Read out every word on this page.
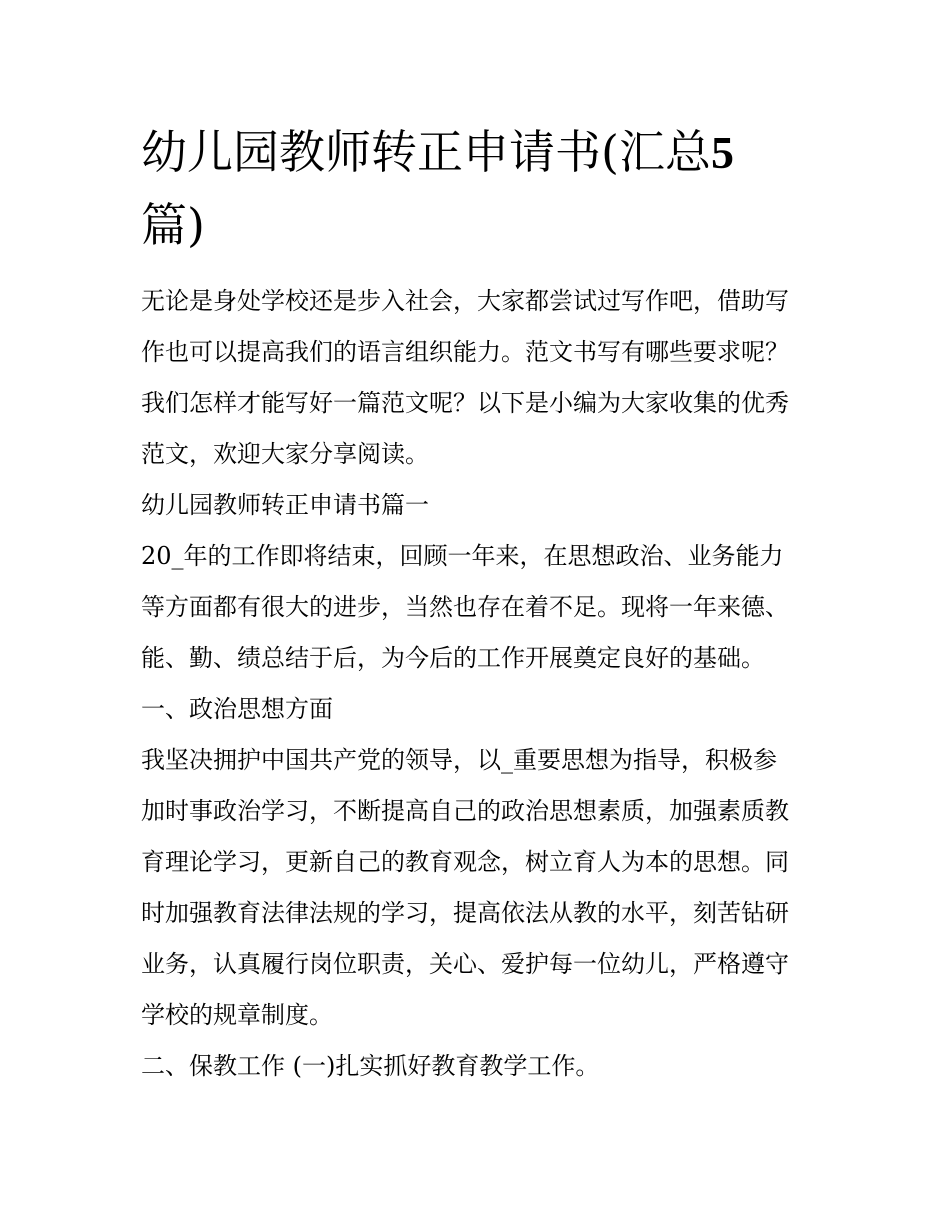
幼儿园教师转正申请书(汇总5
篇)

无论是身处学校还是步入社会，大家都尝试过写作吧，借助写

作也可以提高我们的语言组织能力。范文书写有哪些要求呢？

我们怎样才能写好一篇范文呢？以下是小编为大家收集的优秀

范文，欢迎大家分享阅读。

幼儿园教师转正申请书篇一

20_年的工作即将结束，回顾一年来，在思想政治、业务能力

等方面都有很大的进步，当然也存在着不足。现将一年来德、

能、勤、绩总结于后，为今后的工作开展奠定良好的基础。

一、政治思想方面

我坚决拥护中国共产党的领导，以_重要思想为指导，积极参

加时事政治学习，不断提高自己的政治思想素质，加强素质教

育理论学习，更新自己的教育观念，树立育人为本的思想。同

时加强教育法律法规的学习，提高依法从教的水平，刻苦钻研

业务，认真履行岗位职责，关心、爱护每一位幼儿，严格遵守

学校的规章制度。

二、保教工作 (一)扎实抓好教育教学工作。
